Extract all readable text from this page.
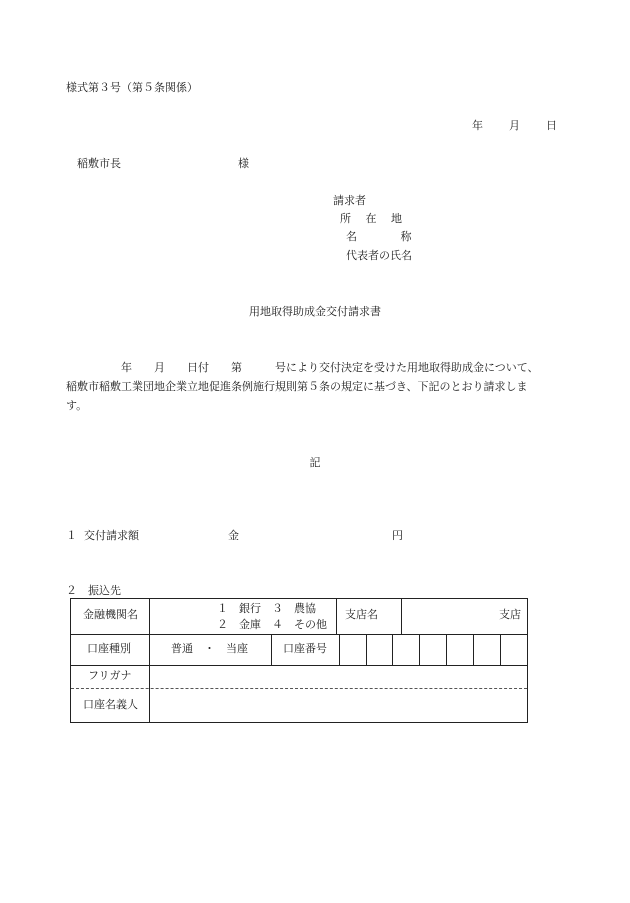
様式第３号（第５条関係）
年 月 日
稲敷市長	様
請求者
所　 在 　地
名　 　 　 称
代表者の氏名
用地取得助成金交付請求書

　　　　　年　　月　　日付　　第　　　号により交付決定を受けた用地取得助成金について、

稲敷市稲敷工業団地企業立地促進条例施行規則第５条の規定に基づき、下記のとおり請求しま

す。

記
１ 交付請求額	金	円
２　振込先
金融機関名	１　銀行　３　農協
２　金庫　４　その他
支店名	支店
口座種別	普通　・　当座	口座番号
フリガナ
口座名義人
